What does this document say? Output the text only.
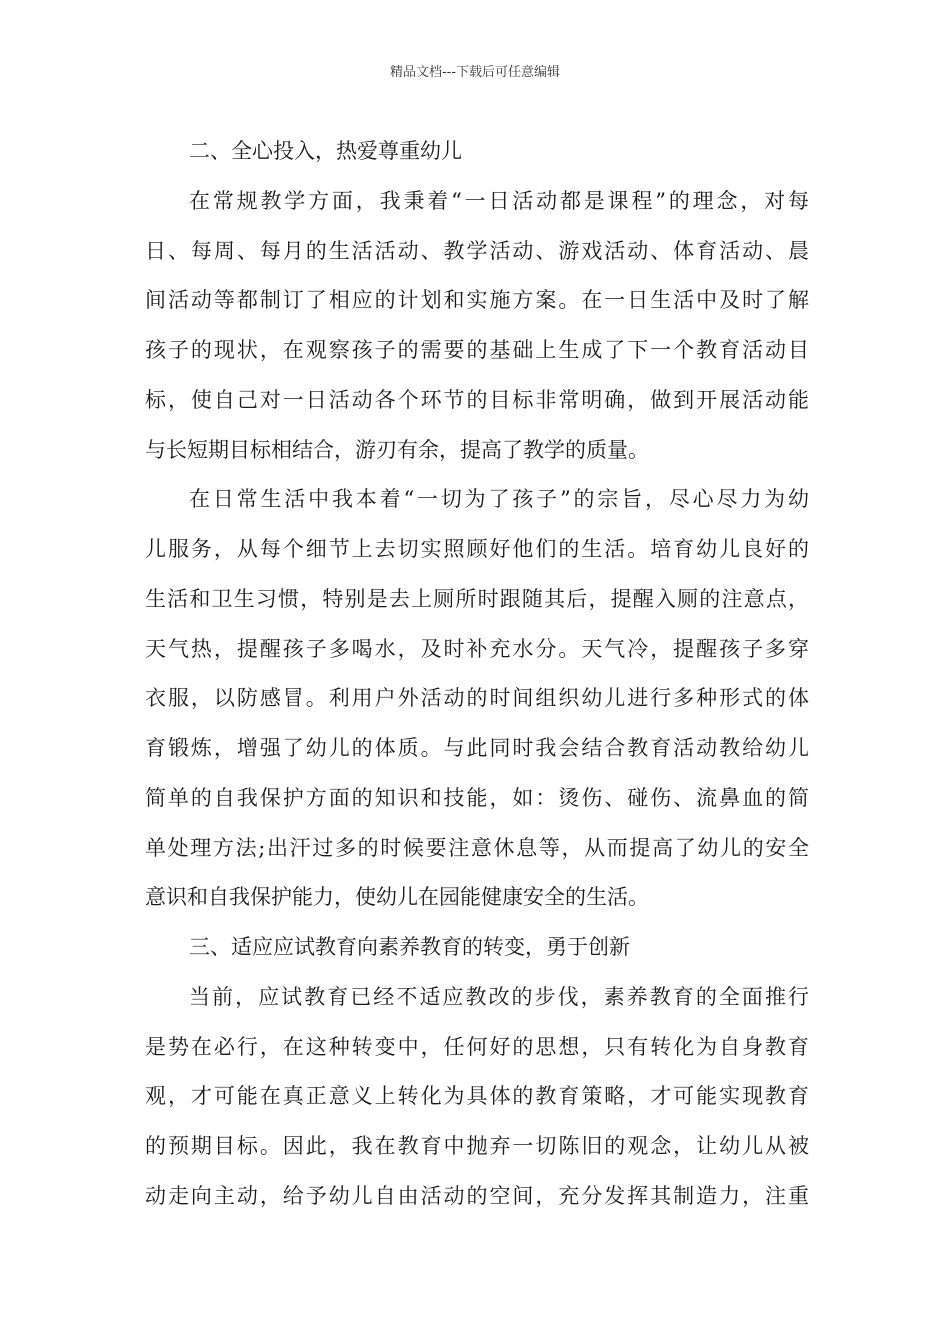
精品文档---下载后可任意编辑
二、全心投入，热爱尊重幼儿
在常规教学方面，我秉着“一日活动都是课程”的理念，对每
日、每周、每月的生活活动、教学活动、游戏活动、体育活动、晨
间活动等都制订了相应的计划和实施方案。在一日生活中及时了解
孩子的现状，在观察孩子的需要的基础上生成了下一个教育活动目
标，使自己对一日活动各个环节的目标非常明确，做到开展活动能
与长短期目标相结合，游刃有余，提高了教学的质量。
在日常生活中我本着“一切为了孩子”的宗旨，尽心尽力为幼
儿服务，从每个细节上去切实照顾好他们的生活。培育幼儿良好的
生活和卫生习惯，特别是去上厕所时跟随其后，提醒入厕的注意点，
天气热，提醒孩子多喝水，及时补充水分。天气冷，提醒孩子多穿
衣服，以防感冒。利用户外活动的时间组织幼儿进行多种形式的体
育锻炼，增强了幼儿的体质。与此同时我会结合教育活动教给幼儿
简单的自我保护方面的知识和技能，如：烫伤、碰伤、流鼻血的简
单处理方法;出汗过多的时候要注意休息等，从而提高了幼儿的安全
意识和自我保护能力，使幼儿在园能健康安全的生活。
三、适应应试教育向素养教育的转变，勇于创新
当前，应试教育已经不适应教改的步伐，素养教育的全面推行
是势在必行，在这种转变中，任何好的思想，只有转化为自身教育
观，才可能在真正意义上转化为具体的教育策略，才可能实现教育
的预期目标。因此，我在教育中抛弃一切陈旧的观念，让幼儿从被
动走向主动，给予幼儿自由活动的空间，充分发挥其制造力，注重
